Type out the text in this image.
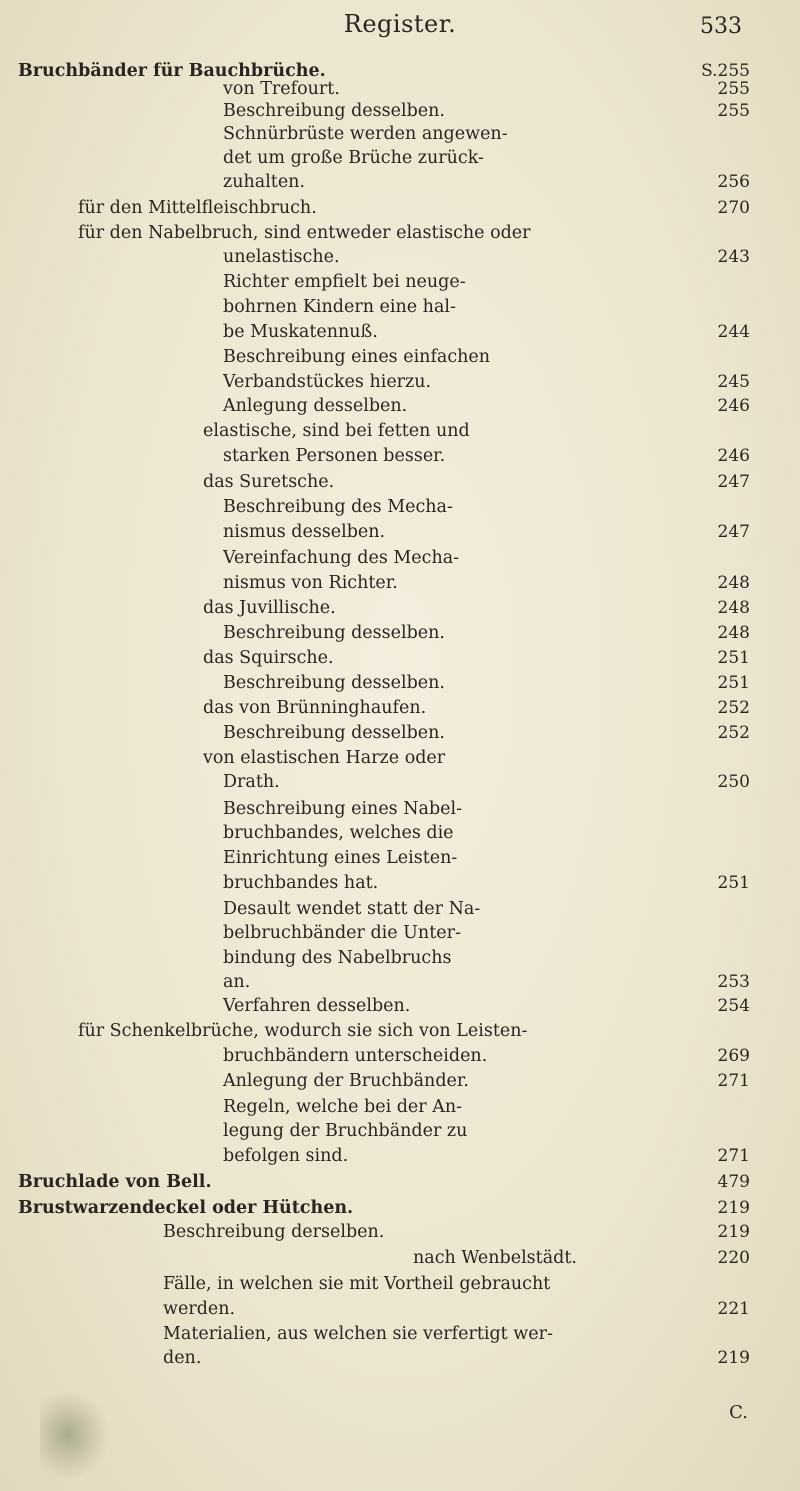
Register.	533
Bruchbänder für Bauchbrüche.	S.255
von Trefourt.	255
Beschreibung desselben.	255
Schnürbrüste werden angewen-
det um große Brüche zurück-
zuhalten.	256
für den Mittelfleischbruch.	270
für den Nabelbruch, sind entweder elastische oder
unelastische.	243
Richter empfielt bei neuge-
bohrnen Kindern eine hal-
be Muskatennuß.	244
Beschreibung eines einfachen
Verbandstückes hierzu.	245
Anlegung desselben.	246
elastische, sind bei fetten und
starken Personen besser.	246
das Suretsche.	247
Beschreibung des Mecha-
nismus desselben.	247
Vereinfachung des Mecha-
nismus von Richter.	248
das Juvillische.	248
Beschreibung desselben.	248
das Squirsche.	251
Beschreibung desselben.	251
das von Brünninghaufen.	252
Beschreibung desselben.	252
von elastischen Harze oder
Drath.	250
Beschreibung eines Nabel-
bruchbandes, welches die
Einrichtung eines Leisten-
bruchbandes hat.	251
Desault wendet statt der Na-
belbruchbänder die Unter-
bindung des Nabelbruchs
an.	253
Verfahren desselben.	254
für Schenkelbrüche, wodurch sie sich von Leisten-
bruchbändern unterscheiden.	269
Anlegung der Bruchbänder.	271
Regeln, welche bei der An-
legung der Bruchbänder zu
befolgen sind.	271
Bruchlade von Bell.	479
Brustwarzendeckel oder Hütchen.	219
Beschreibung derselben.	219
nach Wenbelstädt.	220
Fälle, in welchen sie mit Vortheil gebraucht
werden.	221
Materialien, aus welchen sie verfertigt wer-
den.	219
C.
